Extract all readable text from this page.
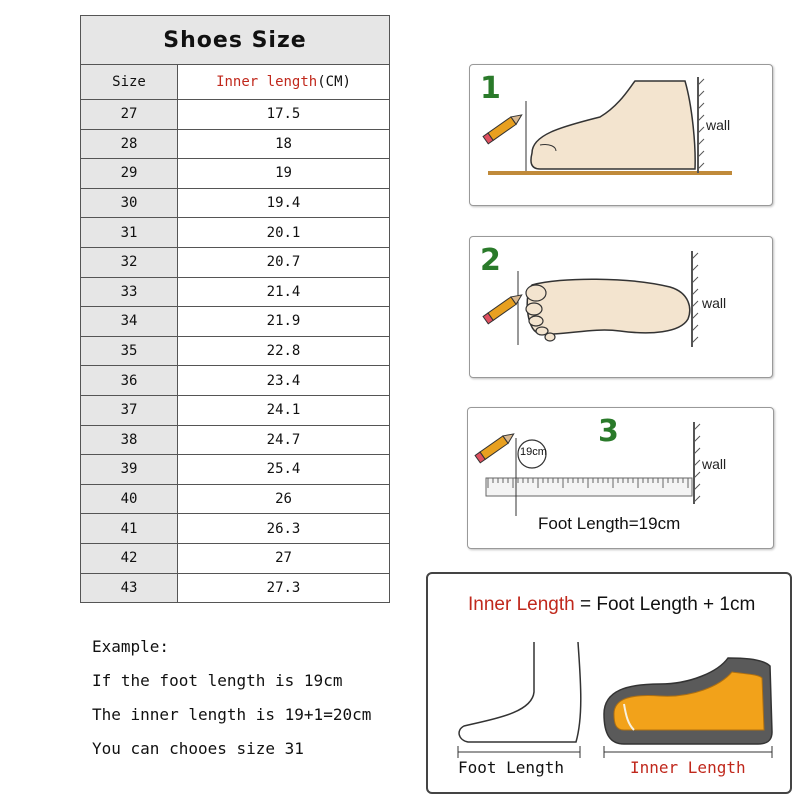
Shoes Size	
Size	Inner length(CM)
27	17.5
28	18
29	19
30	19.4
31	20.1
32	20.7
33	21.4
34	21.9
35	22.8
36	23.4
37	24.1
38	24.7
39	25.4
40	26
41	26.3
42	27
43	27.3
Example:
If the foot length is 19cm
The inner length is 19+1=20cm
You can chooes size 31
1
wall
2
wall
3
19cm
wall
Foot Length=19cm
Inner Length = Foot Length + 1cm
Foot Length	Inner Length
